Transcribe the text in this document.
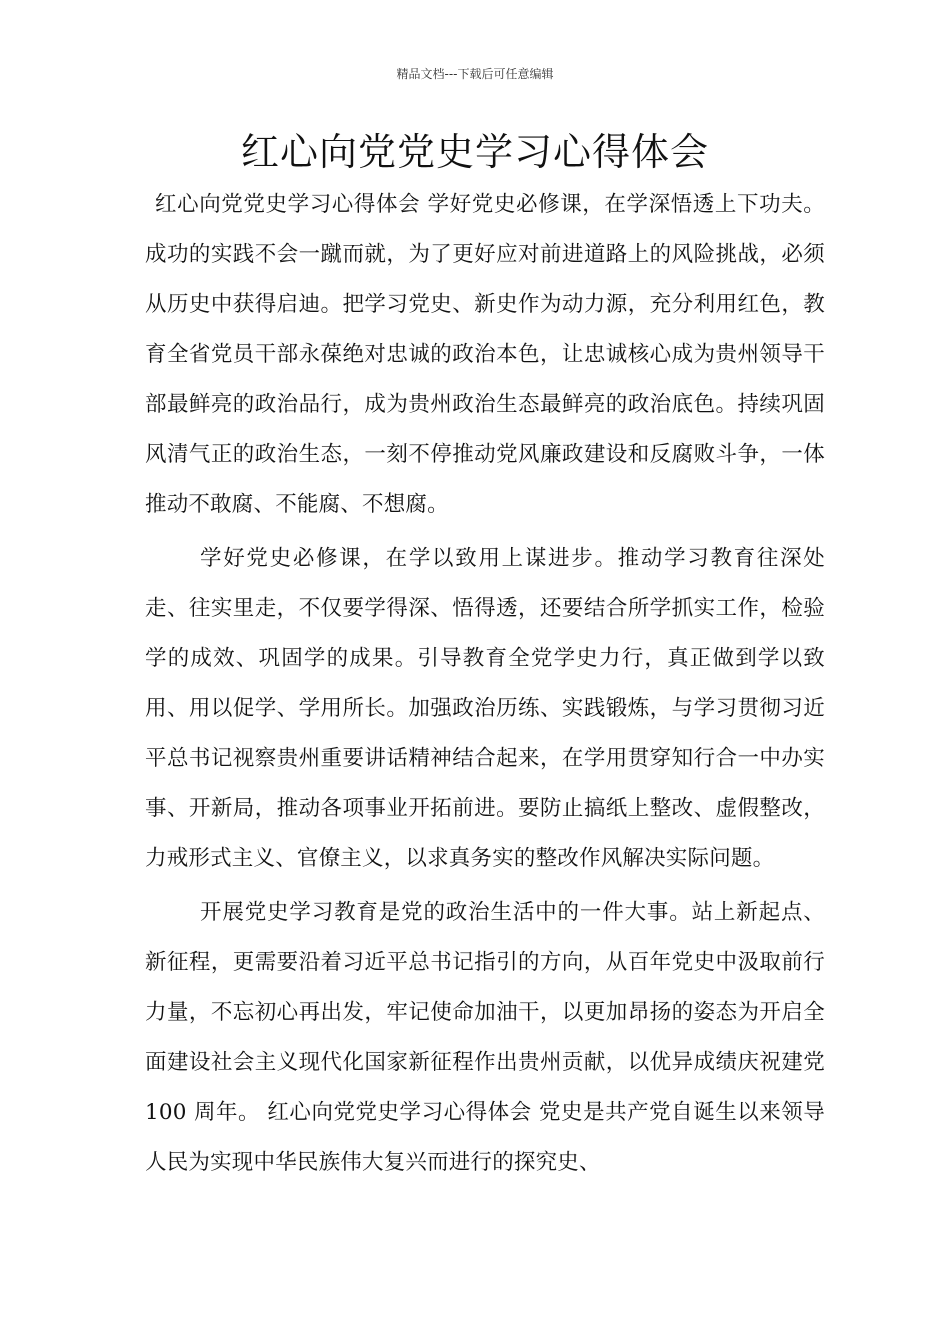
精品文档---下载后可任意编辑
红心向党党史学习心得体会

红心向党党史学习心得体会 学好党史必修课，在学深悟透上下功夫。成功的实践不会一蹴而就，为了更好应对前进道路上的风险挑战，必须从历史中获得启迪。把学习党史、新史作为动力源，充分利用红色，教育全省党员干部永葆绝对忠诚的政治本色，让忠诚核心成为贵州领导干部最鲜亮的政治品行，成为贵州政治生态最鲜亮的政治底色。持续巩固风清气正的政治生态，一刻不停推动党风廉政建设和反腐败斗争，一体推动不敢腐、不能腐、不想腐。

学好党史必修课，在学以致用上谋进步。推动学习教育往深处走、往实里走，不仅要学得深、悟得透，还要结合所学抓实工作，检验学的成效、巩固学的成果。引导教育全党学史力行，真正做到学以致用、用以促学、学用所长。加强政治历练、实践锻炼，与学习贯彻习近平总书记视察贵州重要讲话精神结合起来，在学用贯穿知行合一中办实事、开新局，推动各项事业开拓前进。要防止搞纸上整改、虚假整改，力戒形式主义、官僚主义，以求真务实的整改作风解决实际问题。

开展党史学习教育是党的政治生活中的一件大事。站上新起点、新征程，更需要沿着习近平总书记指引的方向，从百年党史中汲取前行力量，不忘初心再出发，牢记使命加油干，以更加昂扬的姿态为开启全面建设社会主义现代化国家新征程作出贵州贡献，以优异成绩庆祝建党 100 周年。 红心向党党史学习心得体会 党史是共产党自诞生以来领导人民为实现中华民族伟大复兴而进行的探究史、
